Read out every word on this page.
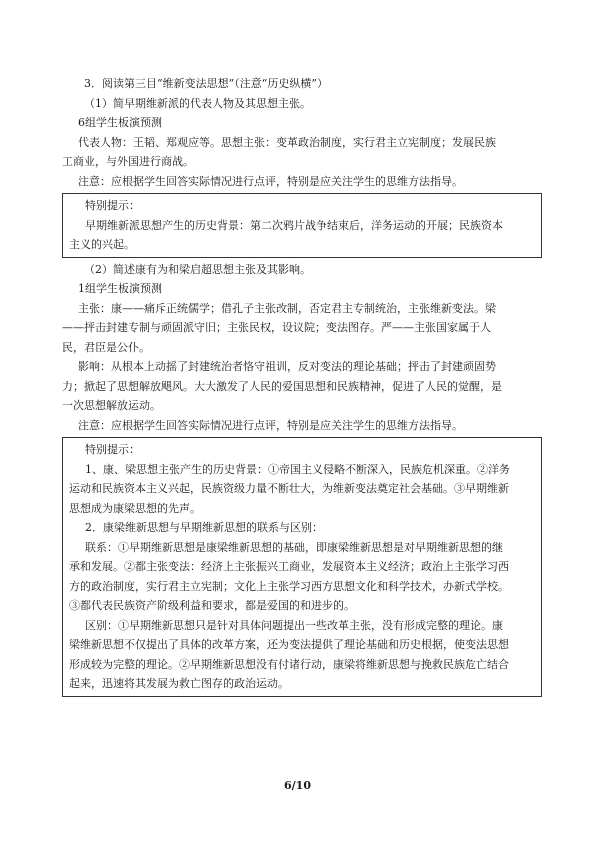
3．阅读第三目“维新变法思想”（注意“历史纵横”）

（1）简早期维新派的代表人物及其思想主张。

6组学生板演预测

代表人物：王韬、郑观应等。思想主张：变革政治制度，实行君主立宪制度；发展民族

工商业，与外国进行商战。

注意：应根据学生回答实际情况进行点评，特别是应关注学生的思维方法指导。

特别提示：

早期维新派思想产生的历史背景：第二次鸦片战争结束后，洋务运动的开展；民族资本

主义的兴起。

（2）简述康有为和梁启超思想主张及其影响。

1组学生板演预测

主张：康——痛斥正统儒学；借孔子主张改制，否定君主专制统治，主张维新变法。梁

——抨击封建专制与顽固派守旧；主张民权，设议院；变法图存。严——主张国家属于人

民，君臣是公仆。

影响：从根本上动摇了封建统治者恪守祖训，反对变法的理论基础；抨击了封建顽固势

力；掀起了思想解放飓风。大大激发了人民的爱国思想和民族精神，促进了人民的觉醒，是

一次思想解放运动。

注意：应根据学生回答实际情况进行点评，特别是应关注学生的思维方法指导。

特别提示：

1、康、梁思想主张产生的历史背景：①帝国主义侵略不断深入，民族危机深重。②洋务

运动和民族资本主义兴起，民族资级力量不断壮大，为维新变法奠定社会基础。③早期维新

思想成为康梁思想的先声。

2．康梁维新思想与早期维新思想的联系与区别：

联系：①早期维新思想是康梁维新思想的基础，即康梁维新思想是对早期维新思想的继

承和发展。②都主张变法：经济上主张振兴工商业，发展资本主义经济；政治上主张学习西

方的政治制度，实行君主立宪制；文化上主张学习西方思想文化和科学技术，办新式学校。

③都代表民族资产阶级利益和要求，都是爱国的和进步的。

区别：①早期维新思想只是针对具体问题提出一些改革主张，没有形成完整的理论。康

梁维新思想不仅提出了具体的改革方案，还为变法提供了理论基础和历史根据，使变法思想

形成较为完整的理论。②早期维新思想没有付诸行动，康梁将维新思想与挽救民族危亡结合

起来，迅速将其发展为救亡图存的政治运动。

6/10
